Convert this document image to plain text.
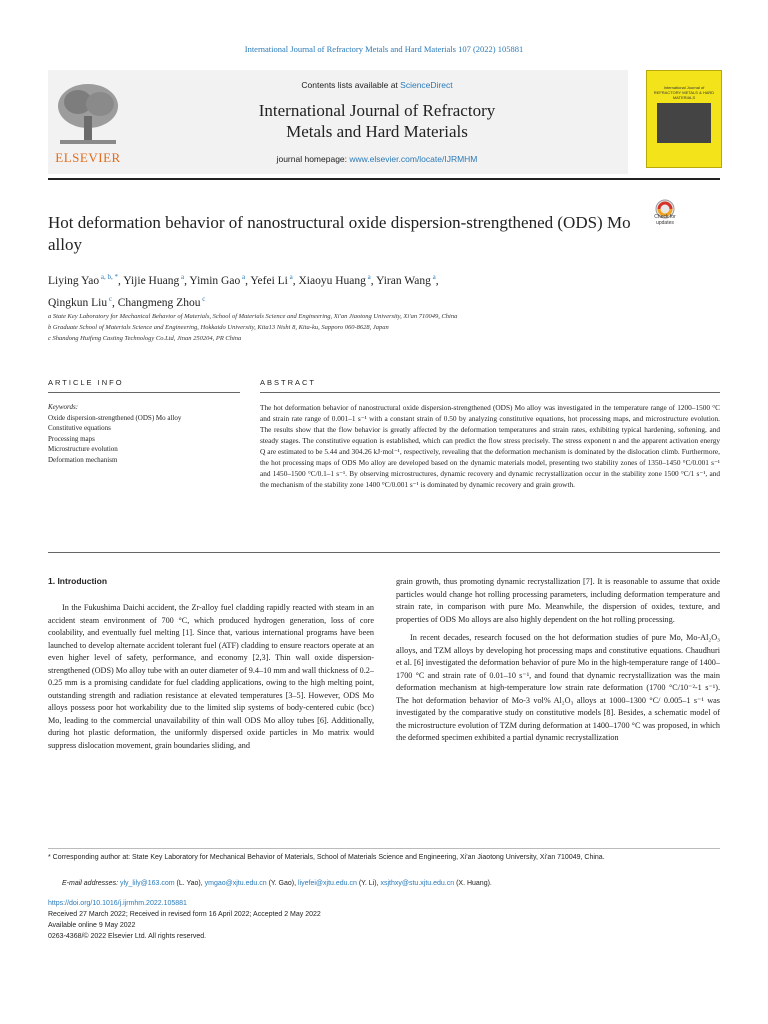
International Journal of Refractory Metals and Hard Materials 107 (2022) 105881
ELSEVIER
Contents lists available at ScienceDirect
International Journal of Refractory
Metals and Hard Materials
journal homepage: www.elsevier.com/locate/IJRMHM
International Journal of REFRACTORY METALS & HARD MATERIALS
Hot deformation behavior of nanostructural oxide dispersion-strengthened (ODS) Mo alloy
Check for updates
Liying Yao $^{a, b, *}$, Yijie Huang $^a$, Yimin Gao $^a$, Yefei Li $^a$, Xiaoyu Huang $^a$, Yiran Wang $^a$,
Qingkun Liu $^c$, Changmeng Zhou $^c$
a State Key Laboratory for Mechanical Behavior of Materials, School of Materials Science and Engineering, Xi'an Jiaotong University, Xi'an 710049, China
b Graduate School of Materials Science and Engineering, Hokkaido University, Kita13 Nishi 8, Kita-ku, Sapporo 060-8628, Japan
c Shandong Huifeng Casting Technology Co.Ltd, Jinan 250204, PR China
ARTICLE INFO	ABSTRACT
Keywords:
Oxide dispersion-strengthened (ODS) Mo alloy
Constitutive equations
Processing maps
Microstructure evolution
Deformation mechanism
The hot deformation behavior of nanostructural oxide dispersion-strengthened (ODS) Mo alloy was investigated in the temperature range of 1200–1500 °C and strain rate range of 0.001–1 s⁻¹ with a constant strain of 0.50 by analyzing constitutive equations, hot processing maps, and microstructure evolution. The results show that the flow behavior is greatly affected by the deformation temperatures and strain rates, exhibiting typical hardening, softening, and steady stages. The constitutive equation is established, which can predict the flow stress precisely. The stress exponent n and the apparent activation energy Q are estimated to be 5.44 and 304.26 kJ·mol⁻¹, respectively, revealing that the deformation mechanism is dominated by the dislocation climb. Furthermore, the hot processing maps of ODS Mo alloy are developed based on the dynamic materials model, presenting two stability zones of 1350–1450 °C/0.001 s⁻¹ and 1450–1500 °C/0.1–1 s⁻¹. By observing microstructures, dynamic recovery and dynamic recrystallization occur in the stability zone 1500 °C/1 s⁻¹, and the mechanism of the stability zone 1400 °C/0.001 s⁻¹ is dominated by dynamic recovery and grain growth.
1. Introduction

In the Fukushima Daichi accident, the Zr-alloy fuel cladding rapidly reacted with steam in an accident steam environment of 700 °C, which produced hydrogen generation, loss of core coolability, and eventually fuel melting [1]. Since that, various international programs have been launched to develop alternate accident tolerant fuel (ATF) cladding to ensure reactors operate at an even higher level of safety, performance, and economy [2,3]. Thin wall oxide dispersion-strengthened (ODS) Mo alloy tube with an outer diameter of 9.4–10 mm and wall thickness of 0.2–0.25 mm is a promising candidate for fuel cladding applications, owing to the high melting point, outstanding strength and radiation resistance at elevated temperatures [3–5]. However, ODS Mo alloys possess poor hot workability due to the limited slip systems of body-centered cubic (bcc) Mo, leading to the commercial unavailability of thin wall ODS Mo alloy tubes [6]. Additionally, during hot plastic deformation, the uniformly dispersed oxide particles in Mo matrix would suppress dislocation movement, grain boundaries sliding, and

grain growth, thus promoting dynamic recrystallization [7]. It is reasonable to assume that oxide particles would change hot rolling processing parameters, including deformation temperature and strain rate, in comparison with pure Mo. Meanwhile, the dispersion of oxides, texture, and properties of ODS Mo alloys are also highly dependent on the hot rolling processing.

In recent decades, research focused on the hot deformation studies of pure Mo, Mo-Al₂O₃ alloys, and TZM alloys by developing hot processing maps and constitutive equations. Chaudhuri et al. [6] investigated the deformation behavior of pure Mo in the high-temperature range of 1400–1700 °C and strain rate of 0.01–10 s⁻¹, and found that dynamic recrystallization was the main deformation mechanism at high-temperature low strain rate deformation (1700 °C/10⁻²-1 s⁻¹). The hot deformation behavior of Mo-3 vol% Al₂O₃ alloys at 1000–1300 °C/ 0.005–1 s⁻¹ was investigated by the comparative study on constitutive models [8]. Besides, a schematic model of the microstructure evolution of TZM during deformation at 1400–1700 °C was proposed, in which the deformed specimen exhibited a partial dynamic recrystallization

* Corresponding author at: State Key Laboratory for Mechanical Behavior of Materials, School of Materials Science and Engineering, Xi'an Jiaotong University, Xi'an 710049, China.
E-mail addresses: yly_lily@163.com (L. Yao), ymgao@xjtu.edu.cn (Y. Gao), liyefei@xjtu.edu.cn (Y. Li), xsjthxy@stu.xjtu.edu.cn (X. Huang).
https://doi.org/10.1016/j.ijrmhm.2022.105881
Received 27 March 2022; Received in revised form 16 April 2022; Accepted 2 May 2022
Available online 9 May 2022
0263-4368/© 2022 Elsevier Ltd. All rights reserved.
